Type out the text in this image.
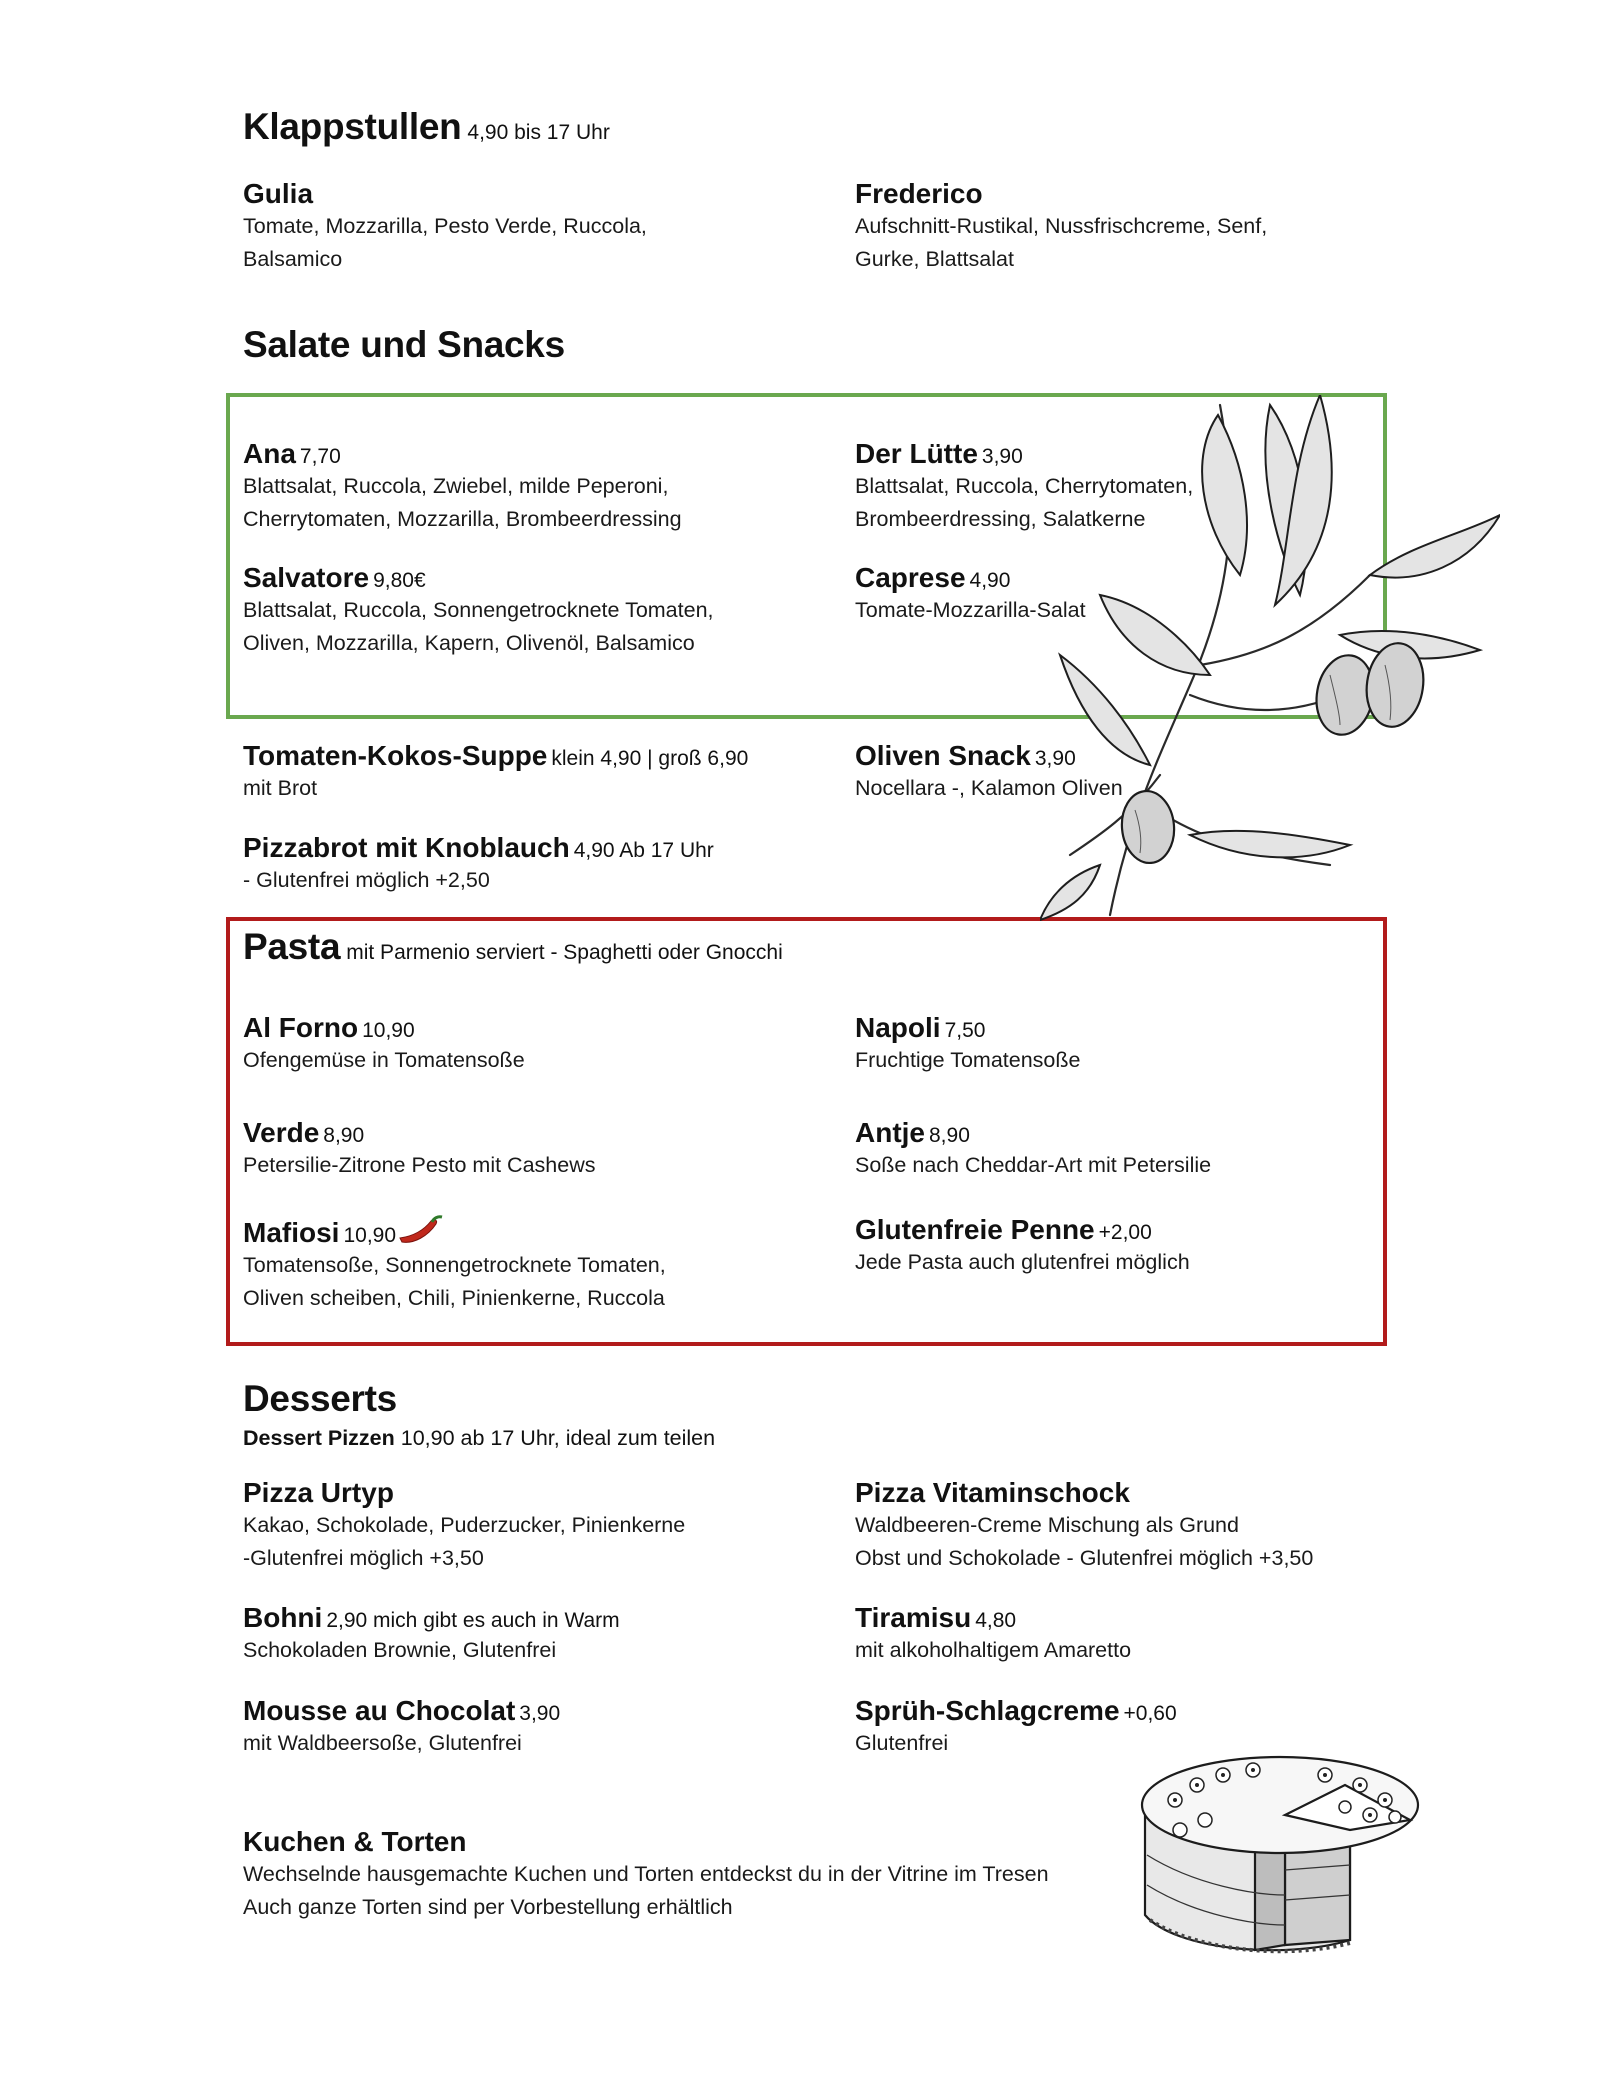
Klappstullen 4,90 bis 17 Uhr
Gulia
Tomate, Mozzarilla, Pesto Verde, Ruccola,
Balsamico
Frederico
Aufschnitt-Rustikal, Nussfrischcreme, Senf,
Gurke, Blattsalat
Salate und Snacks
Ana 7,70
Blattsalat, Ruccola, Zwiebel, milde Peperoni,
Cherrytomaten, Mozzarilla, Brombeerdressing
Der Lütte 3,90
Blattsalat, Ruccola, Cherrytomaten,
Brombeerdressing, Salatkerne
Salvatore 9,80€
Blattsalat, Ruccola, Sonnengetrocknete Tomaten,
Oliven, Mozzarilla, Kapern, Olivenöl, Balsamico
Caprese 4,90
Tomate-Mozzarilla-Salat
Tomaten-Kokos-Suppe klein 4,90 | groß 6,90
mit Brot
Oliven Snack 3,90
Nocellara -, Kalamon Oliven
Pizzabrot mit Knoblauch 4,90 Ab 17 Uhr
- Glutenfrei möglich +2,50
Pasta mit Parmenio serviert - Spaghetti oder Gnocchi
Al Forno 10,90
Ofengemüse in Tomatensoße
Napoli 7,50
Fruchtige Tomatensoße
Verde 8,90
Petersilie-Zitrone Pesto mit Cashews
Antje 8,90
Soße nach Cheddar-Art mit Petersilie
Mafiosi 10,90
Tomatensoße, Sonnengetrocknete Tomaten,
Oliven scheiben, Chili, Pinienkerne, Ruccola
Glutenfreie Penne +2,00
Jede Pasta auch glutenfrei möglich
Desserts
Dessert Pizzen 10,90 ab 17 Uhr, ideal zum teilen
Pizza Urtyp
Kakao, Schokolade, Puderzucker, Pinienkerne
-Glutenfrei möglich +3,50
Pizza Vitaminschock
Waldbeeren-Creme Mischung als Grund
Obst und Schokolade - Glutenfrei möglich +3,50
Bohni 2,90 mich gibt es auch in Warm
Schokoladen Brownie, Glutenfrei
Tiramisu 4,80
mit alkoholhaltigem Amaretto
Mousse au Chocolat 3,90
mit Waldbeersoße, Glutenfrei
Sprüh-Schlagcreme +0,60
Glutenfrei
Kuchen & Torten
Wechselnde hausgemachte Kuchen und Torten entdeckst du in der Vitrine im Tresen
Auch ganze Torten sind per Vorbestellung erhältlich
